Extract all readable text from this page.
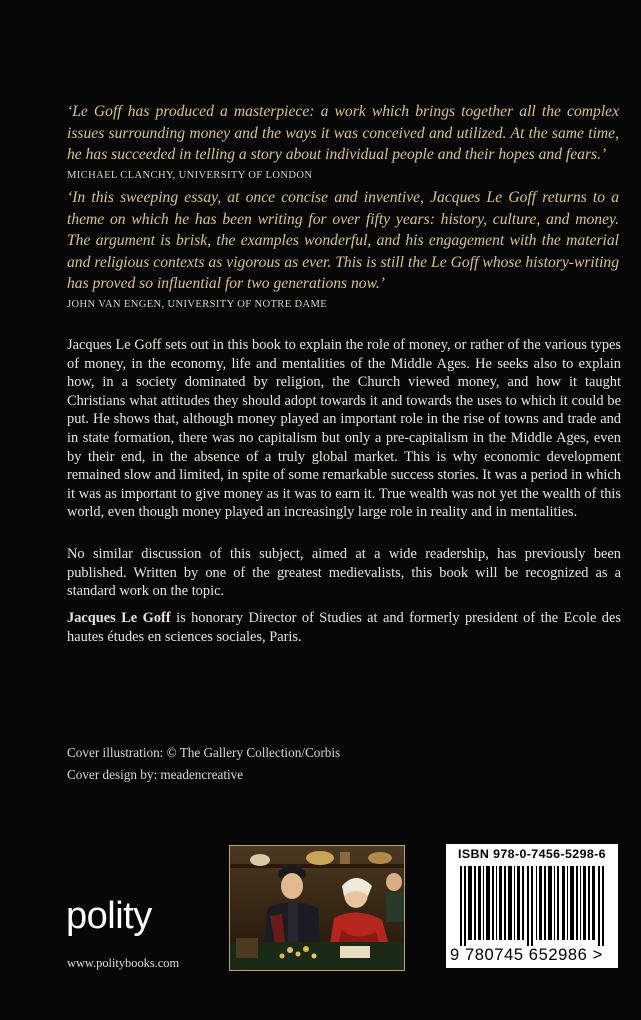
‘Le Goff has produced a masterpiece: a work which brings together all the complex issues surrounding money and the ways it was conceived and utilized. At the same time, he has succeeded in telling a story about individual people and their hopes and fears.’
MICHAEL CLANCHY, UNIVERSITY OF LONDON
‘In this sweeping essay, at once concise and inventive, Jacques Le Goff returns to a theme on which he has been writing for over fifty years: history, culture, and money. The argument is brisk, the examples wonderful, and his engagement with the material and religious contexts as vigorous as ever. This is still the Le Goff whose history-writing has proved so influential for two generations now.’
JOHN VAN ENGEN, UNIVERSITY OF NOTRE DAME

Jacques Le Goff sets out in this book to explain the role of money, or rather of the various types of money, in the economy, life and mentalities of the Middle Ages. He seeks also to explain how, in a society dominated by religion, the Church viewed money, and how it taught Christians what attitudes they should adopt towards it and towards the uses to which it could be put. He shows that, although money played an important role in the rise of towns and trade and in state formation, there was no capitalism but only a pre-capitalism in the Middle Ages, even by their end, in the absence of a truly global market. This is why economic development remained slow and limited, in spite of some remarkable success stories. It was a period in which it was as important to give money as it was to earn it. True wealth was not yet the wealth of this world, even though money played an increasingly large role in reality and in mentalities.

No similar discussion of this subject, aimed at a wide readership, has previously been published. Written by one of the greatest medievalists, this book will be recognized as a standard work on the topic.

Jacques Le Goff is honorary Director of Studies at and formerly president of the Ecole des hautes études en sciences sociales, Paris.

Cover illustration: © The Gallery Collection/Corbis
Cover design by: meadencreative
polity
www.politybooks.com
ISBN 978-0-7456-5298-6
9 780745 652986 >
